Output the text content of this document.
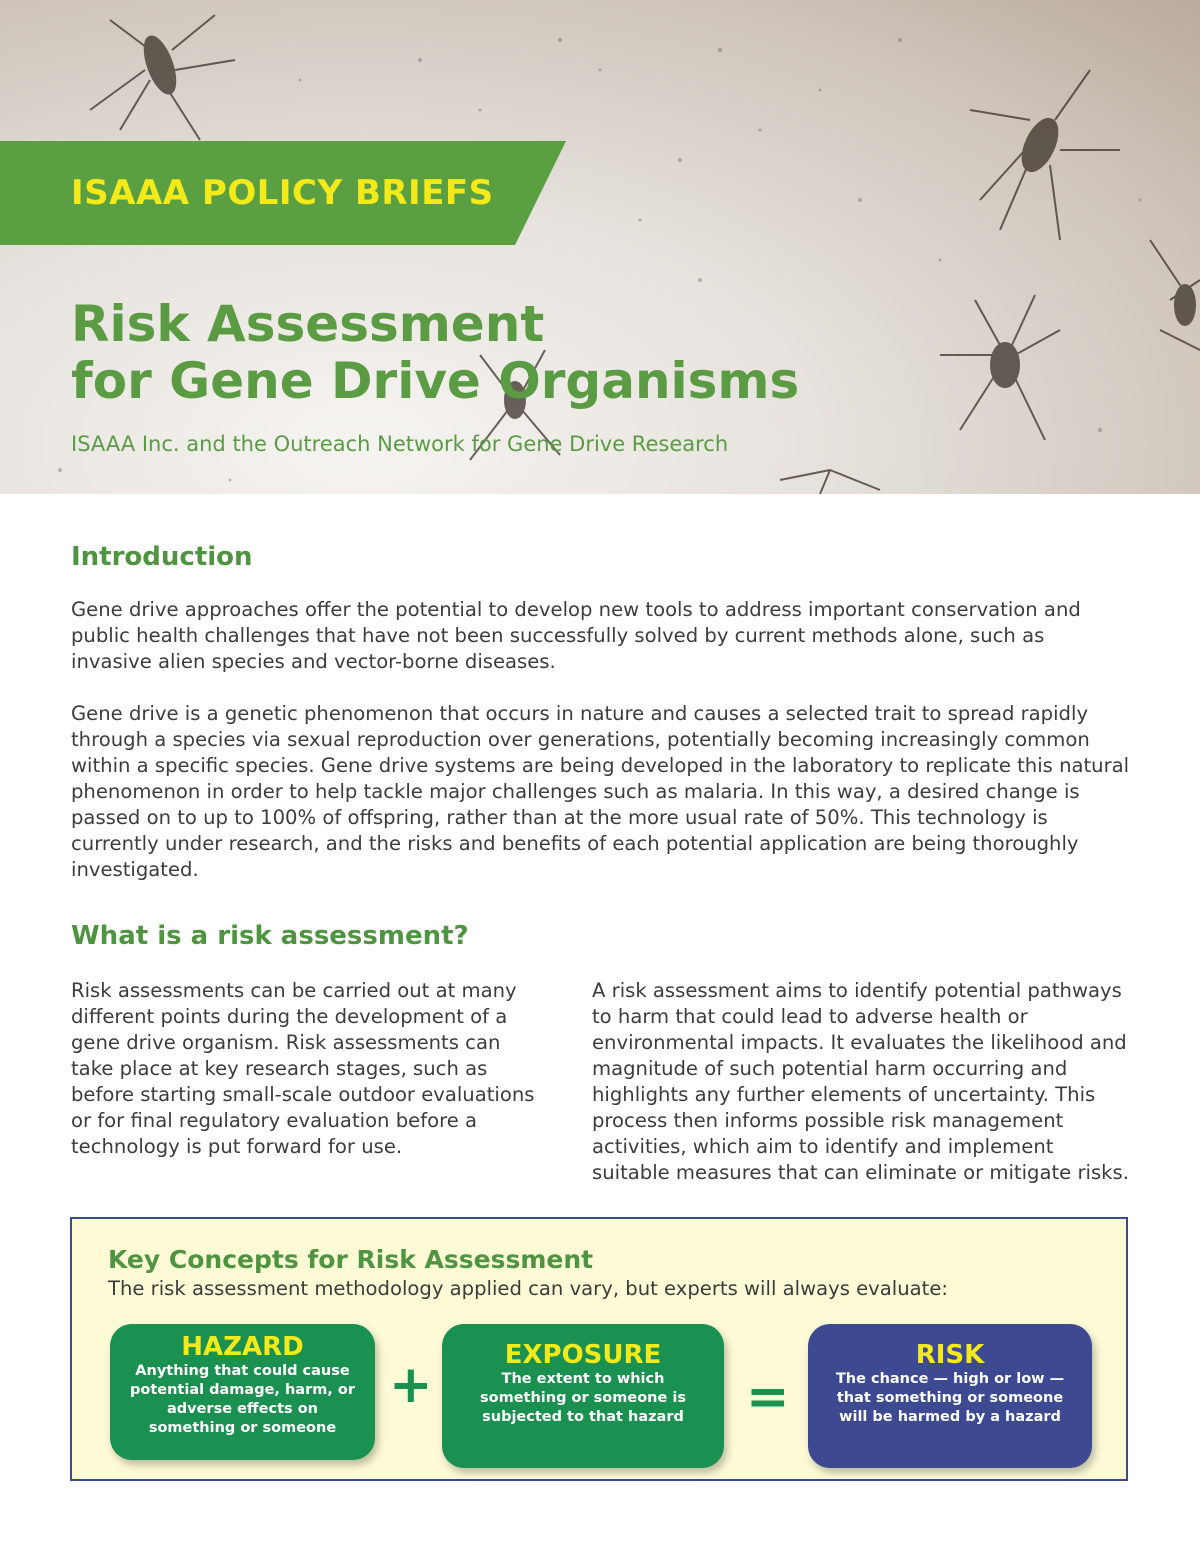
ISAAA POLICY BRIEFS
Risk Assessment
for Gene Drive Organisms
ISAAA Inc. and the Outreach Network for Gene Drive Research
Introduction

Gene drive approaches offer the potential to develop new tools to address important conservation and public health challenges that have not been successfully solved by current methods alone, such as invasive alien species and vector-borne diseases.

Gene drive is a genetic phenomenon that occurs in nature and causes a selected trait to spread rapidly through a species via sexual reproduction over generations, potentially becoming increasingly common within a specific species. Gene drive systems are being developed in the laboratory to replicate this natural phenomenon in order to help tackle major challenges such as malaria. In this way, a desired change is passed on to up to 100% of offspring, rather than at the more usual rate of 50%. This technology is currently under research, and the risks and benefits of each potential application are being thoroughly investigated.

What is a risk assessment?

Risk assessments can be carried out at many different points during the development of a gene drive organism. Risk assessments can take place at key research stages, such as before starting small-scale outdoor evaluations or for final regulatory evaluation before a technology is put forward for use.

A risk assessment aims to identify potential pathways to harm that could lead to adverse health or environmental impacts. It evaluates the likelihood and magnitude of such potential harm occurring and highlights any further elements of uncertainty. This process then informs possible risk management activities, which aim to identify and implement suitable measures that can eliminate or mitigate risks.

Key Concepts for Risk Assessment
The risk assessment methodology applied can vary, but experts will always evaluate:
HAZARD
Anything that could cause potential damage, harm, or adverse effects on something or someone
+	EXPOSURE
The extent to which something or someone is subjected to that hazard	=
RISK
The chance — high or low — that something or someone will be harmed by a hazard
